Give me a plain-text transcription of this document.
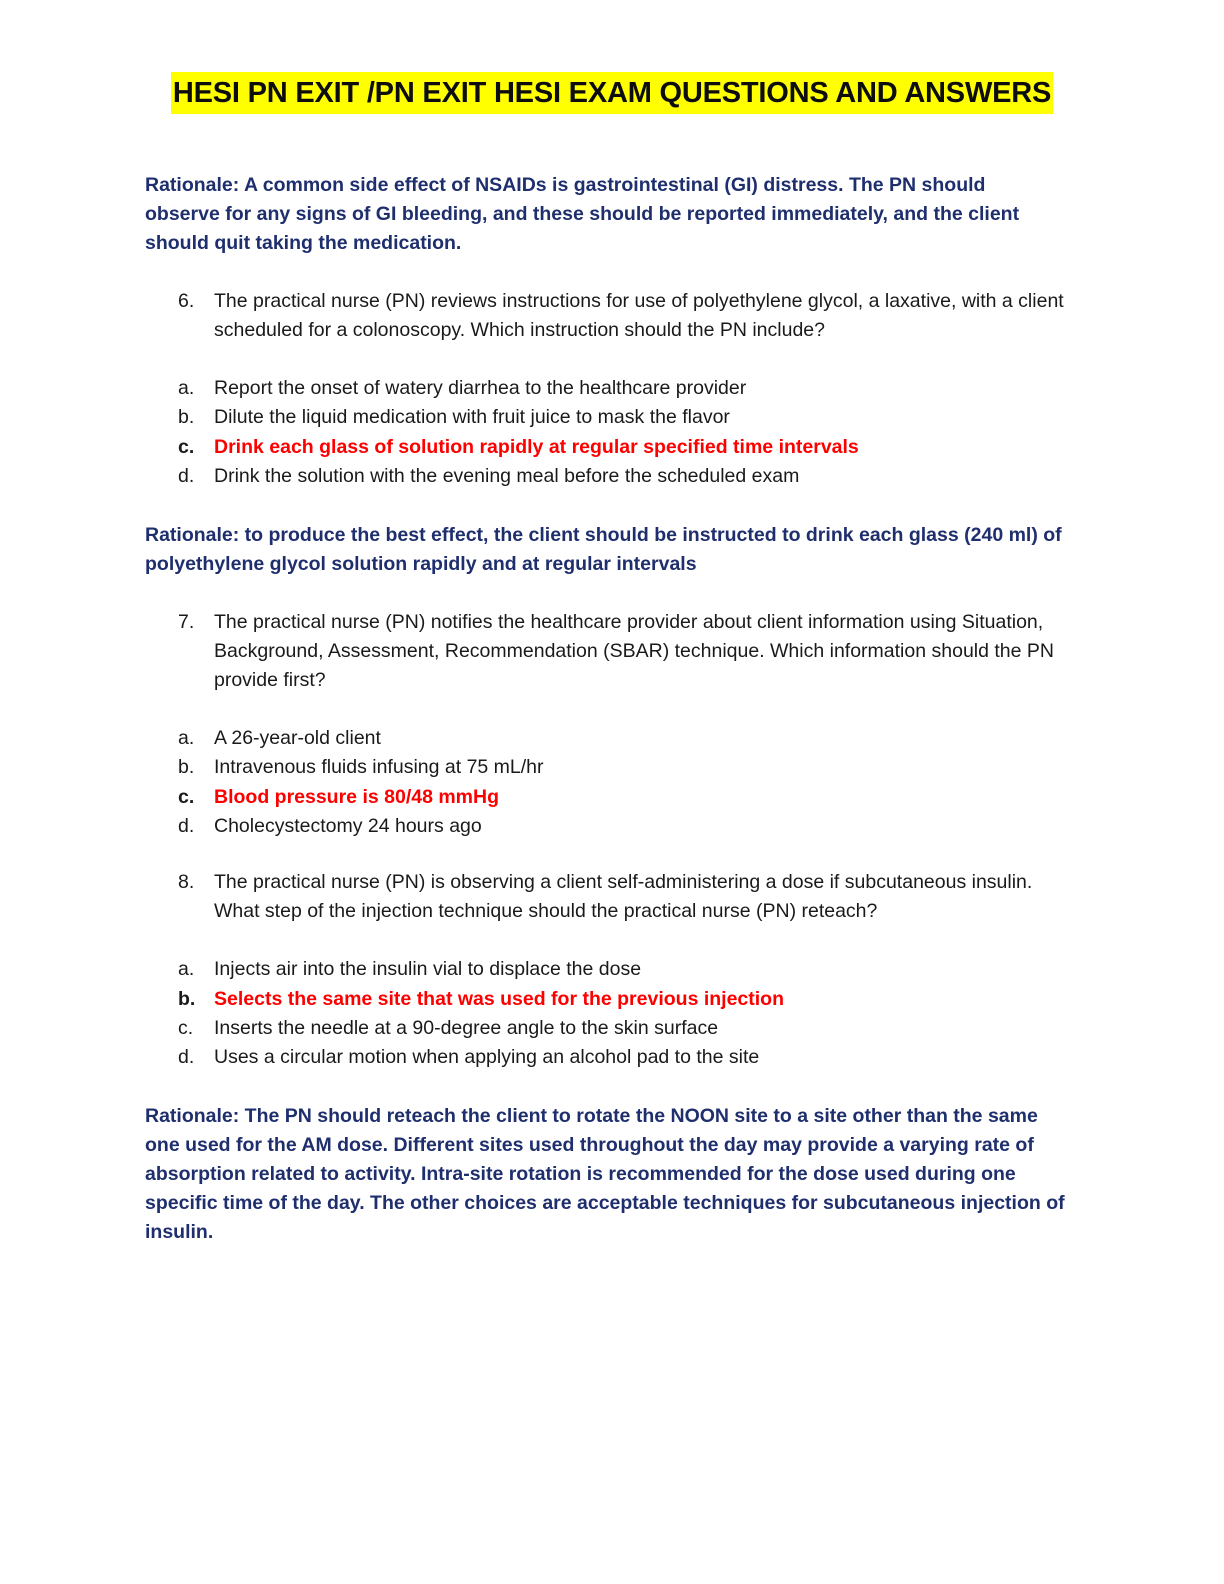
HESI PN EXIT /PN EXIT HESI EXAM QUESTIONS AND ANSWERS

Rationale: A common side effect of NSAIDs is gastrointestinal (GI) distress. The PN should observe for any signs of GI bleeding, and these should be reported immediately, and the client should quit taking the medication.

6.	The practical nurse (PN) reviews instructions for use of polyethylene glycol, a laxative, with a client scheduled for a colonoscopy. Which instruction should the PN include?
a.	Report the onset of watery diarrhea to the healthcare provider
b.	Dilute the liquid medication with fruit juice to mask the flavor
c.	Drink each glass of solution rapidly at regular specified time intervals
d.	Drink the solution with the evening meal before the scheduled exam

Rationale: to produce the best effect, the client should be instructed to drink each glass (240 ml) of polyethylene glycol solution rapidly and at regular intervals

7.	The practical nurse (PN) notifies the healthcare provider about client information using Situation, Background, Assessment, Recommendation (SBAR) technique. Which information should the PN provide first?
a.	A 26-year-old client
b.	Intravenous fluids infusing at 75 mL/hr
c.	Blood pressure is 80/48 mmHg
d.	Cholecystectomy 24 hours ago
8.	The practical nurse (PN) is observing a client self-administering a dose if subcutaneous insulin. What step of the injection technique should the practical nurse (PN) reteach?
a.	Injects air into the insulin vial to displace the dose
b. Selects the same site that was used for the previous injection
c.	Inserts the needle at a 90-degree angle to the skin surface
d.	Uses a circular motion when applying an alcohol pad to the site

Rationale: The PN should reteach the client to rotate the NOON site to a site other than the same one used for the AM dose. Different sites used throughout the day may provide a varying rate of absorption related to activity. Intra-site rotation is recommended for the dose used during one specific time of the day. The other choices are acceptable techniques for subcutaneous injection of insulin.
